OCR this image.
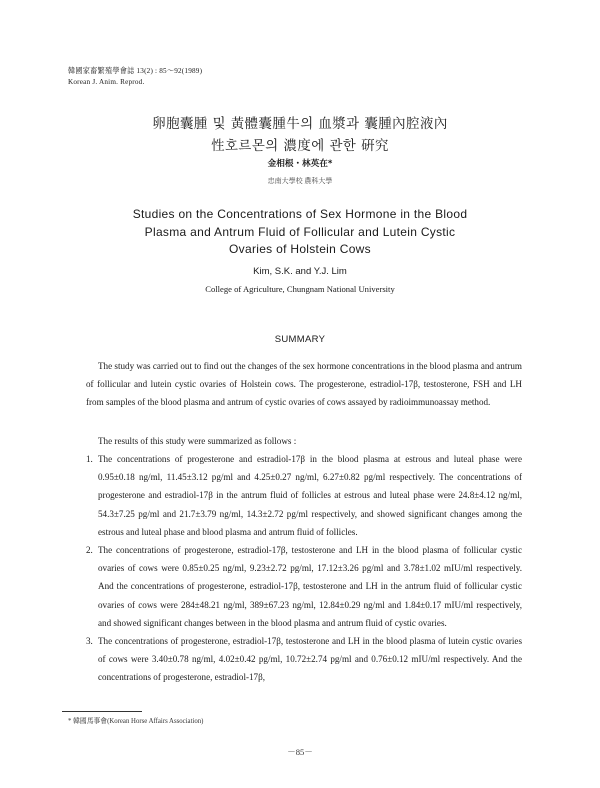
韓國家畜繁殖學會誌 13(2) : 85～92(1989)
Korean J. Anim. Reprod.
卵胞囊腫 및 黃體囊腫牛의 血漿과 囊腫內腔液內
性호르몬의 濃度에 관한 硏究
金相根・林英在*
忠南大學校 農科大學
Studies on the Concentrations of Sex Hormone in the Blood
Plasma and Antrum Fluid of Follicular and Lutein Cystic
Ovaries of Holstein Cows
Kim, S.K. and Y.J. Lim
College of Agriculture, Chungnam National University
SUMMARY
The study was carried out to find out the changes of the sex hormone concentrations in the blood plasma and antrum of follicular and lutein cystic ovaries of Holstein cows. The progesterone, estradiol-17β, testosterone, FSH and LH from samples of the blood plasma and antrum of cystic ovaries of cows assayed by radioimmunoassay method.
The results of this study were summarized as follows :
1. The concentrations of progesterone and estradiol-17β in the blood plasma at estrous and luteal phase were 0.95±0.18 ng/ml, 11.45±3.12 pg/ml and 4.25±0.27 ng/ml, 6.27±0.82 pg/ml respectively. The concentrations of progesterone and estradiol-17β in the antrum fluid of follicles at estrous and luteal phase were 24.8±4.12 ng/ml, 54.3±7.25 pg/ml and 21.7±3.79 ng/ml, 14.3±2.72 pg/ml respectively, and showed significant changes among the estrous and luteal phase and blood plasma and antrum fluid of follicles.
2. The concentrations of progesterone, estradiol-17β, testosterone and LH in the blood plasma of follicular cystic ovaries of cows were 0.85±0.25 ng/ml, 9.23±2.72 pg/ml, 17.12±3.26 pg/ml and 3.78±1.02 mIU/ml respectively. And the concentrations of progesterone, estradiol-17β, testosterone and LH in the antrum fluid of follicular cystic ovaries of cows were 284±48.21 ng/ml, 389±67.23 ng/ml, 12.84±0.29 ng/ml and 1.84±0.17 mIU/ml respectively, and showed significant changes between in the blood plasma and antrum fluid of cystic ovaries.
3. The concentrations of progesterone, estradiol-17β, testosterone and LH in the blood plasma of lutein cystic ovaries of cows were 3.40±0.78 ng/ml, 4.02±0.42 pg/ml, 10.72±2.74 pg/ml and 0.76±0.12 mIU/ml respectively. And the concentrations of progesterone, estradiol-17β,
* 韓國馬事會(Korean Horse Affairs Association)
－85－
